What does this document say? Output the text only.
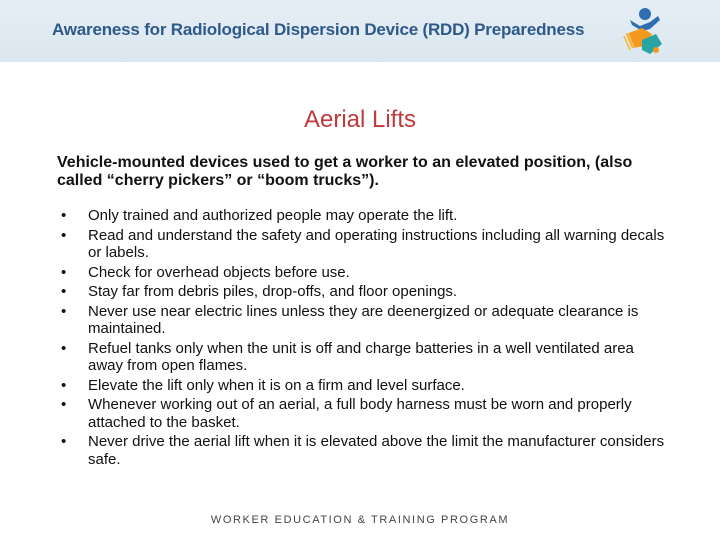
Awareness for Radiological Dispersion Device (RDD) Preparedness
Aerial Lifts
Vehicle-mounted devices used to get a worker to an elevated position, (also called “cherry pickers” or “boom trucks”).
•	Only trained and authorized people may operate the lift.
•	Read and understand the safety and operating instructions including all warning decals or labels.
•	Check for overhead objects before use.
•	Stay far from debris piles, drop-offs, and floor openings.
•	Never use near electric lines unless they are deenergized or adequate clearance is maintained.
•	Refuel tanks only when the unit is off and charge batteries in a well ventilated area away from open flames.
•	Elevate the lift only when it is on a firm and level surface.
•	Whenever working out of an aerial, a full body harness must be worn and properly attached to the basket.
•	Never drive the aerial lift when it is elevated above the limit the manufacturer considers safe.
WORKER EDUCATION & TRAINING PROGRAM
